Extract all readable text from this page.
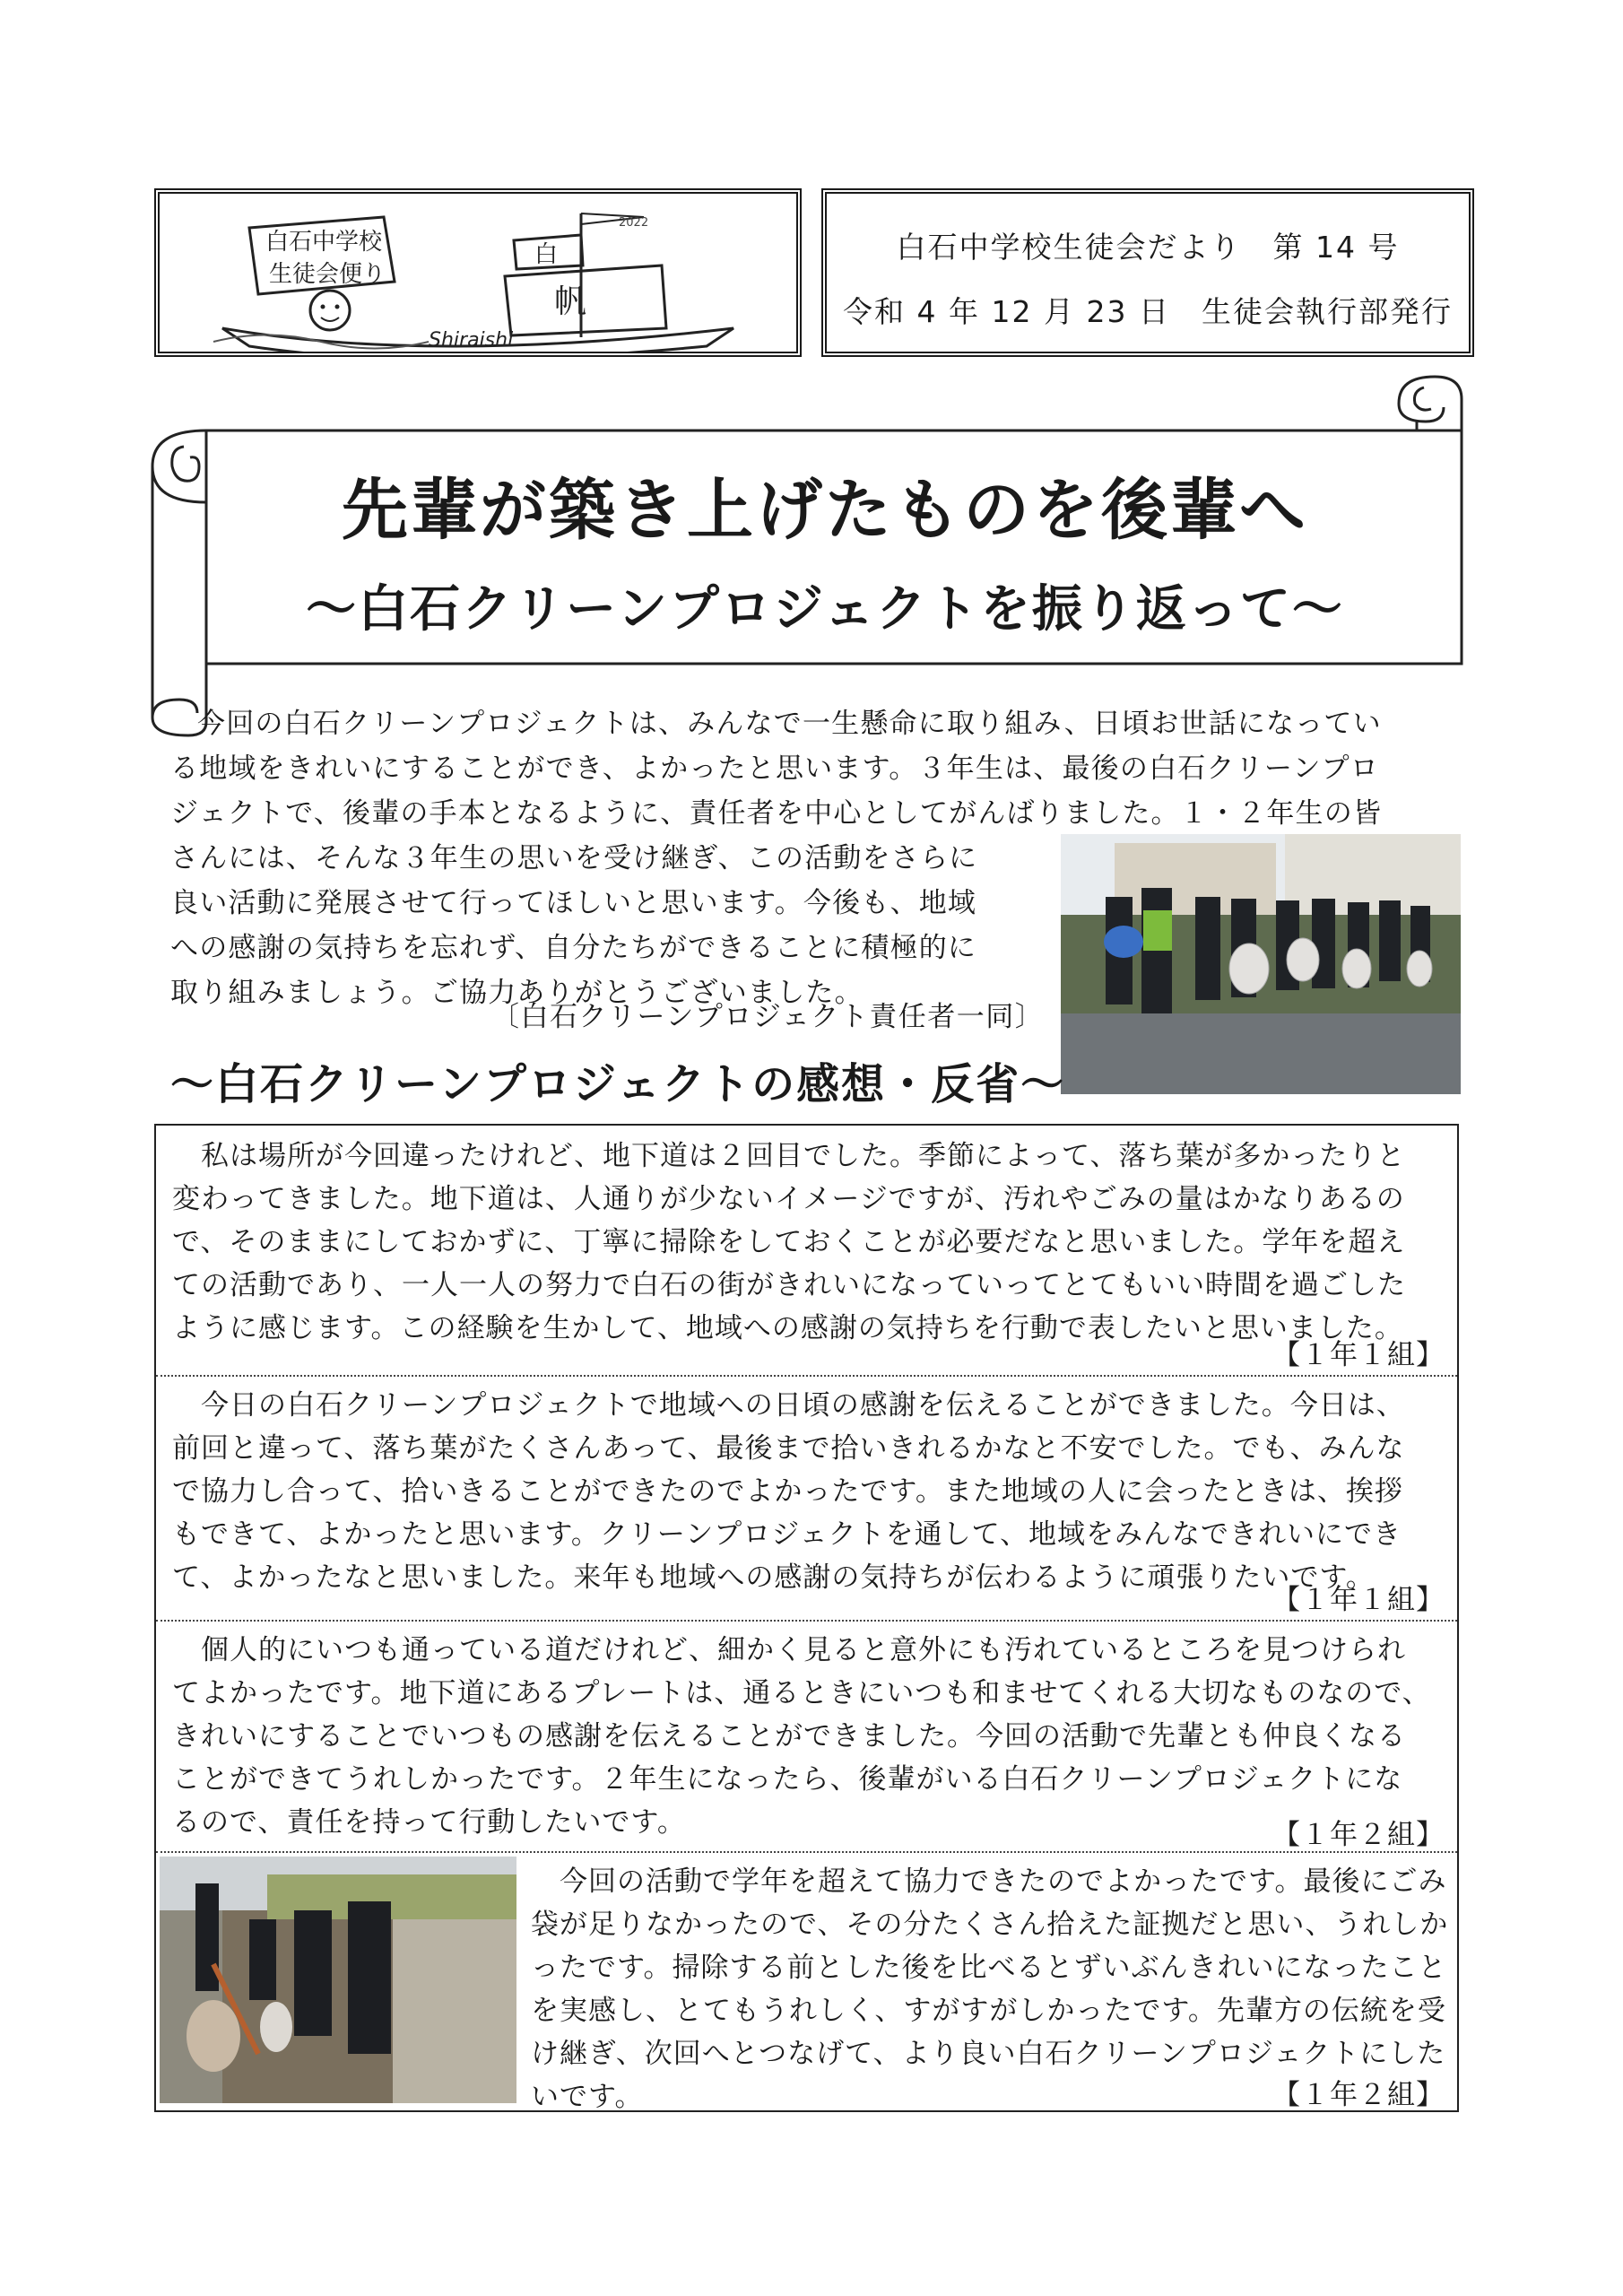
白石中学校
生徒会便り
白
帆
2022
Shiraishi
白石中学校生徒会だより　第 14 号
令和 4 年 12 月 23 日　生徒会執行部発行
先輩が築き上げたものを後輩へ
～白石クリーンプロジェクトを振り返って～
今回の白石クリーンプロジェクトは、みんなで一生懸命に取り組み、日頃お世話になってい
る地域をきれいにすることができ、よかったと思います。３年生は、最後の白石クリーンプロ
ジェクトで、後輩の手本となるように、責任者を中心としてがんばりました。１・２年生の皆
さんには、そんな３年生の思いを受け継ぎ、この活動をさらに
良い活動に発展させて行ってほしいと思います。今後も、地域
への感謝の気持ちを忘れず、自分たちができることに積極的に
取り組みましょう。ご協力ありがとうございました。
〔白石クリーンプロジェクト責任者一同〕
～白石クリーンプロジェクトの感想・反省～
　私は場所が今回違ったけれど、地下道は２回目でした。季節によって、落ち葉が多かったりと
変わってきました。地下道は、人通りが少ないイメージですが、汚れやごみの量はかなりあるの
で、そのままにしておかずに、丁寧に掃除をしておくことが必要だなと思いました。学年を超え
ての活動であり、一人一人の努力で白石の街がきれいになっていってとてもいい時間を過ごした
ように感じます。この経験を生かして、地域への感謝の気持ちを行動で表したいと思いました。
【１年１組】
　今日の白石クリーンプロジェクトで地域への日頃の感謝を伝えることができました。今日は、
前回と違って、落ち葉がたくさんあって、最後まで拾いきれるかなと不安でした。でも、みんな
で協力し合って、拾いきることができたのでよかったです。また地域の人に会ったときは、挨拶
もできて、よかったと思います。クリーンプロジェクトを通して、地域をみんなできれいにでき
て、よかったなと思いました。来年も地域への感謝の気持ちが伝わるように頑張りたいです。
【１年１組】
　個人的にいつも通っている道だけれど、細かく見ると意外にも汚れているところを見つけられ
てよかったです。地下道にあるプレートは、通るときにいつも和ませてくれる大切なものなので、
きれいにすることでいつもの感謝を伝えることができました。今回の活動で先輩とも仲良くなる
ことができてうれしかったです。２年生になったら、後輩がいる白石クリーンプロジェクトにな
るので、責任を持って行動したいです。	【１年２組】
　今回の活動で学年を超えて協力できたのでよかったです。最後にごみ
袋が足りなかったので、その分たくさん拾えた証拠だと思い、うれしか
ったです。掃除する前とした後を比べるとずいぶんきれいになったこと
を実感し、とてもうれしく、すがすがしかったです。先輩方の伝統を受
け継ぎ、次回へとつなげて、より良い白石クリーンプロジェクトにした
いです。	【１年２組】
